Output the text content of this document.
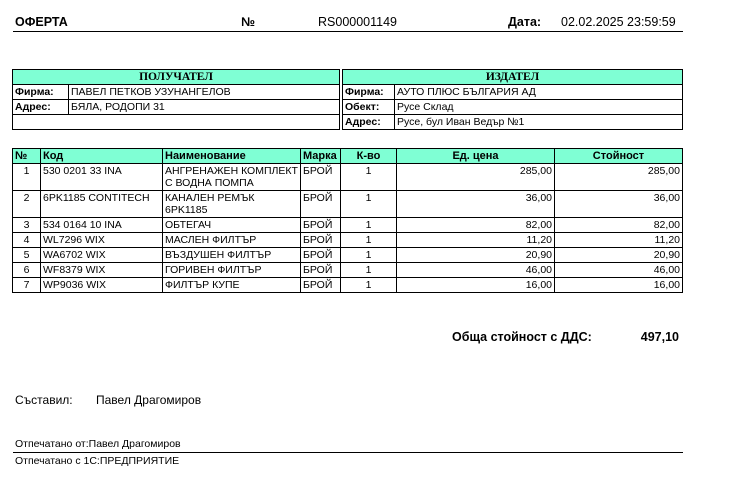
ОФЕРТА	№	RS000001149	Дата: 02.02.2025 23:59:59
ПОЛУЧАТЕЛ	
Фирма:	ПАВЕЛ ПЕТКОВ УЗУНАНГЕЛОВ
Адрес:	БЯЛА, РОДОПИ 31

ИЗДАТЕЛ	
Фирма:	АУТО ПЛЮС БЪЛГАРИЯ АД
Обект:	Русе Склад
Адрес:	Русе, бул Иван Ведър №1
№	Код	Наименование	Марка	К-во	Ед. цена	Стойност
1	530 0201 33 INA	АНГРЕНАЖЕН КОМПЛЕКТ С ВОДНА ПОМПА	БРОЙ	1	285,00	285,00
2	6PK1185 CONTITECH	КАНАЛЕН РЕМЪК 6PK1185	БРОЙ	1	36,00	36,00
3	534 0164 10 INA	ОБТЕГАЧ	БРОЙ	1	82,00	82,00
4	WL7296 WIX	МАСЛЕН ФИЛТЪР	БРОЙ	1	11,20	11,20
5	WA6702 WIX	ВЪЗДУШЕН ФИЛТЪР	БРОЙ	1	20,90	20,90
6	WF8379 WIX	ГОРИВЕН ФИЛТЪР	БРОЙ	1	46,00	46,00
7	WP9036 WIX	ФИЛТЪР КУПЕ	БРОЙ	1	16,00	16,00
Обща стойност с ДДС:	497,10
Съставил: Павел Драгомиров
Отпечатано от:Павел Драгомиров
Отпечатано с 1С:ПРЕДПРИЯТИЕ
